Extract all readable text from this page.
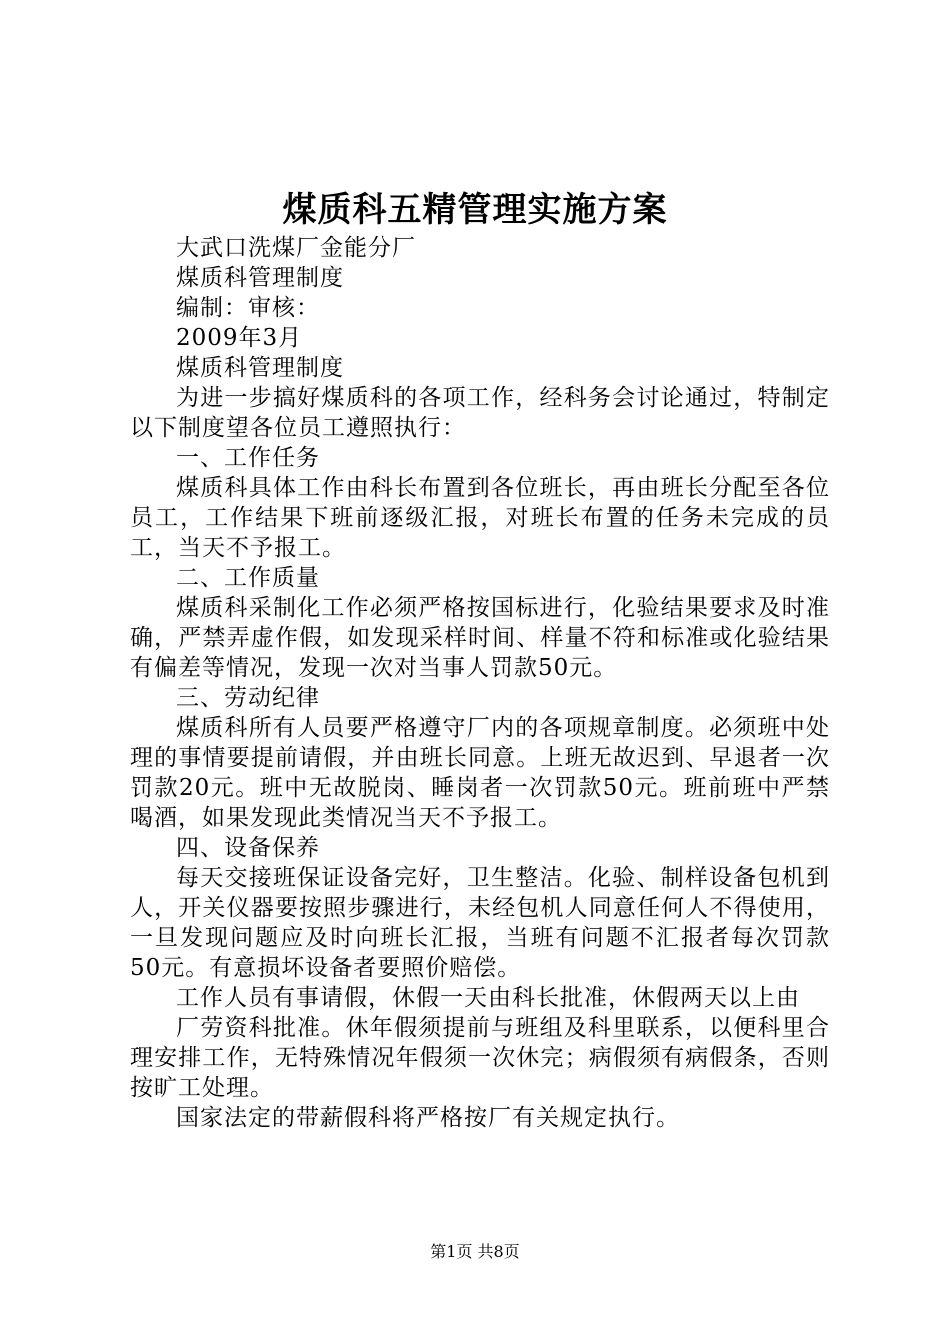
煤质科五精管理实施方案

大武口洗煤厂金能分厂

煤质科管理制度

编制：审核：

2009年3月

煤质科管理制度

为进一步搞好煤质科的各项工作，经科务会讨论通过，特制定以下制度望各位员工遵照执行：

一、工作任务

煤质科具体工作由科长布置到各位班长，再由班长分配至各位员工，工作结果下班前逐级汇报，对班长布置的任务未完成的员工，当天不予报工。

二、工作质量

煤质科采制化工作必须严格按国标进行，化验结果要求及时准确，严禁弄虚作假，如发现采样时间、样量不符和标准或化验结果有偏差等情况，发现一次对当事人罚款50元。

三、劳动纪律

煤质科所有人员要严格遵守厂内的各项规章制度。必须班中处理的事情要提前请假，并由班长同意。上班无故迟到、早退者一次罚款20元。班中无故脱岗、睡岗者一次罚款50元。班前班中严禁喝酒，如果发现此类情况当天不予报工。

四、设备保养

每天交接班保证设备完好，卫生整洁。化验、制样设备包机到人，开关仪器要按照步骤进行，未经包机人同意任何人不得使用，一旦发现问题应及时向班长汇报，当班有问题不汇报者每次罚款50元。有意损坏设备者要照价赔偿。

工作人员有事请假，休假一天由科长批准，休假两天以上由

厂劳资科批准。休年假须提前与班组及科里联系，以便科里合理安排工作，无特殊情况年假须一次休完；病假须有病假条，否则按旷工处理。

国家法定的带薪假科将严格按厂有关规定执行。

第1页 共8页
